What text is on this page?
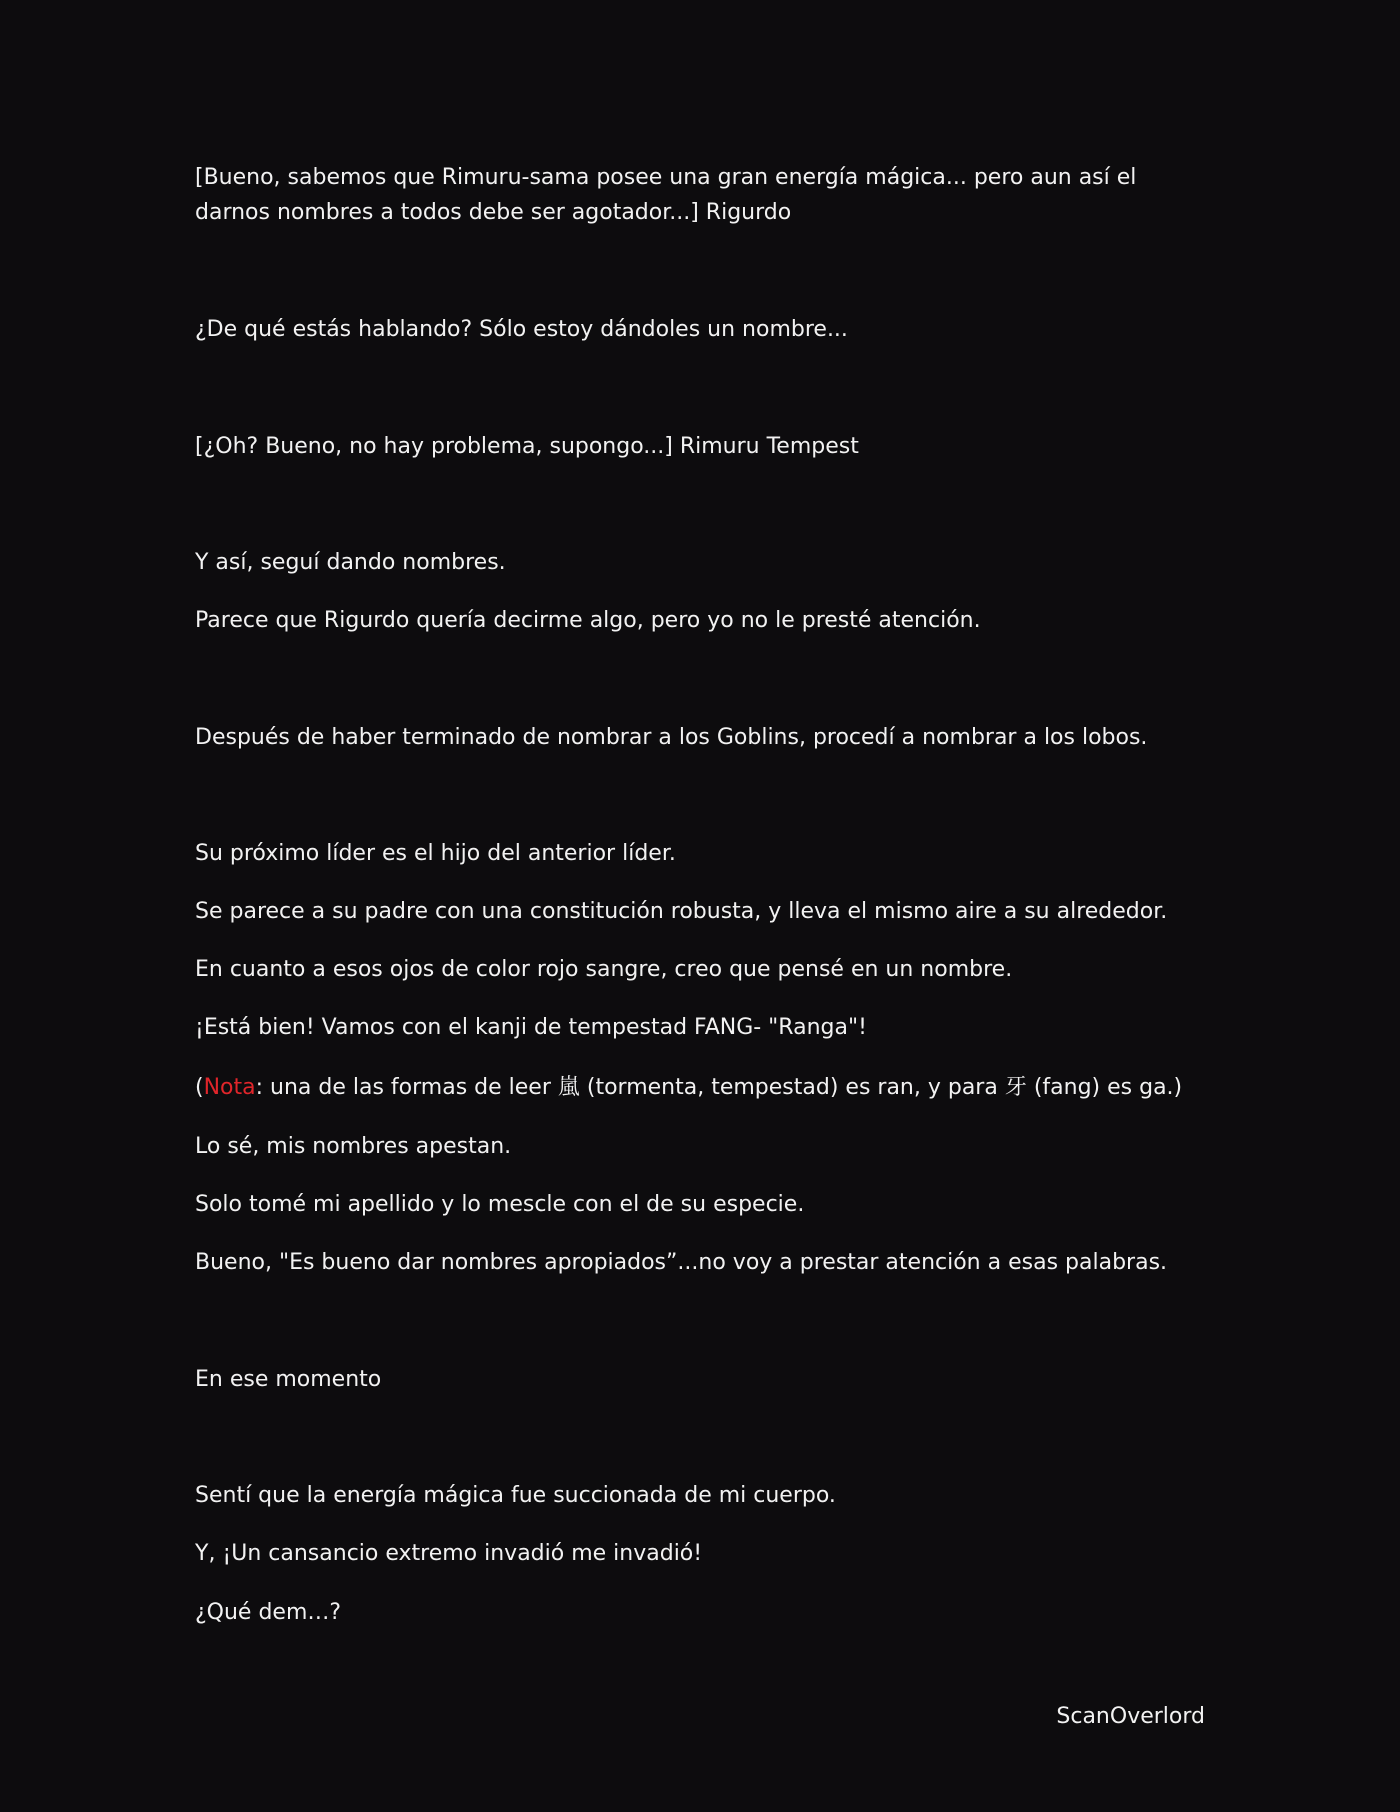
[Bueno, sabemos que Rimuru-sama posee una gran energía mágica... pero aun así el darnos nombres a todos debe ser agotador...] Rigurdo

¿De qué estás hablando? Sólo estoy dándoles un nombre...

[¿Oh? Bueno, no hay problema, supongo...] Rimuru Tempest

Y así, seguí dando nombres.

Parece que Rigurdo quería decirme algo, pero yo no le presté atención.

Después de haber terminado de nombrar a los Goblins, procedí a nombrar a los lobos.

Su próximo líder es el hijo del anterior líder.

Se parece a su padre con una constitución robusta, y lleva el mismo aire a su alrededor.

En cuanto a esos ojos de color rojo sangre, creo que pensé en un nombre.

¡Está bien! Vamos con el kanji de tempestad FANG- "Ranga"!

(Nota: una de las formas de leer 嵐 (tormenta, tempestad) es ran, y para 牙 (fang) es ga.)

Lo sé, mis nombres apestan.

Solo tomé mi apellido y lo mescle con el de su especie.

Bueno, "Es bueno dar nombres apropiados”...no voy a prestar atención a esas palabras.

En ese momento

Sentí que la energía mágica fue succionada de mi cuerpo.

Y, ¡Un cansancio extremo invadió me invadió!

¿Qué dem…?

ScanOverlord
